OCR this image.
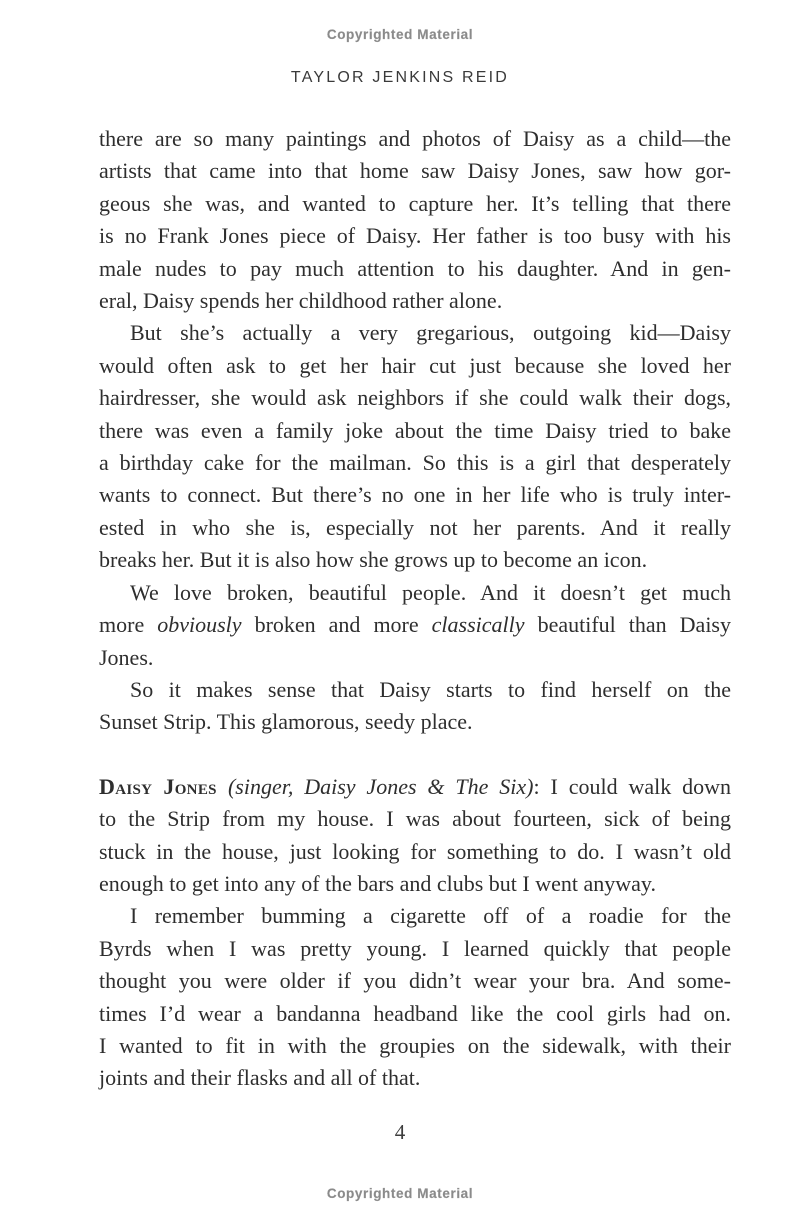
Copyrighted Material
TAYLOR JENKINS REID
there are so many paintings and photos of Daisy as a child—the
artists that came into that home saw Daisy Jones, saw how gor-
geous she was, and wanted to capture her. It’s telling that there
is no Frank Jones piece of Daisy. Her father is too busy with his
male nudes to pay much attention to his daughter. And in gen-
eral, Daisy spends her childhood rather alone.
But she’s actually a very gregarious, outgoing kid—Daisy
would often ask to get her hair cut just because she loved her
hairdresser, she would ask neighbors if she could walk their dogs,
there was even a family joke about the time Daisy tried to bake
a birthday cake for the mailman. So this is a girl that desperately
wants to connect. But there’s no one in her life who is truly inter-
ested in who she is, especially not her parents. And it really
breaks her. But it is also how she grows up to become an icon.
We love broken, beautiful people. And it doesn’t get much
more obviously broken and more classically beautiful than Daisy
Jones.
So it makes sense that Daisy starts to find herself on the
Sunset Strip. This glamorous, seedy place.
Daisy Jones (singer, Daisy Jones & The Six): I could walk down
to the Strip from my house. I was about fourteen, sick of being
stuck in the house, just looking for something to do. I wasn’t old
enough to get into any of the bars and clubs but I went anyway.
I remember bumming a cigarette off of a roadie for the
Byrds when I was pretty young. I learned quickly that people
thought you were older if you didn’t wear your bra. And some-
times I’d wear a bandanna headband like the cool girls had on.
I wanted to fit in with the groupies on the sidewalk, with their
joints and their flasks and all of that.
4
Copyrighted Material
